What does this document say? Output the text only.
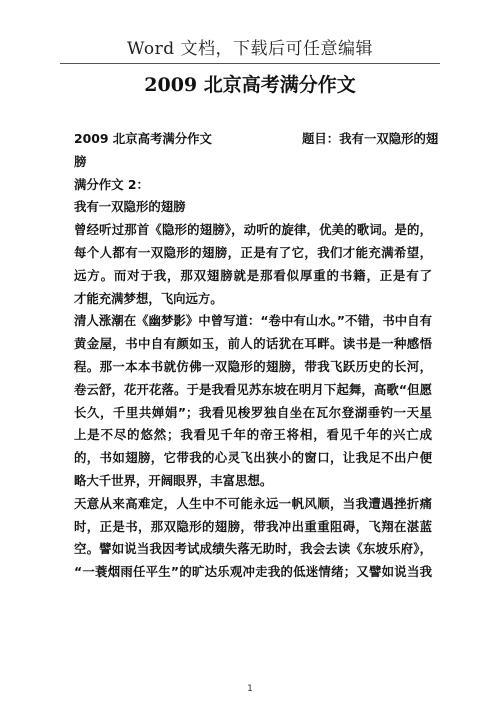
Word 文档，下载后可任意编辑
2009 北京高考满分作文
2009 北京高考满分作文	题目：我有一双隐形的翅
膀
满分作文 2：
我有一双隐形的翅膀
曾经听过那首《隐形的翅膀》，动听的旋律，优美的歌词。是的，
每个人都有一双隐形的翅膀，正是有了它，我们才能充满希望，
远方。而对于我，那双翅膀就是那看似厚重的书籍，正是有了
才能充满梦想，飞向远方。
清人涨潮在《幽梦影》中曾写道：“卷中有山水。”不错，书中自有
黄金屋，书中自有颜如玉，前人的话犹在耳畔。读书是一种感悟
程。那一本本书就仿佛一双隐形的翅膀，带我飞跃历史的长河，
卷云舒，花开花落。于是我看见苏东坡在明月下起舞，高歌“但愿
长久，千里共婵娟”；我看见梭罗独自坐在瓦尔登湖垂钓一天星
上是不尽的悠然；我看见千年的帝王将相，看见千年的兴亡成
的，书如翅膀，它带我的心灵飞出狭小的窗口，让我足不出户便
略大千世界，开阔眼界，丰富思想。
天意从来高难定，人生中不可能永远一帆风顺，当我遭遇挫折痛
时，正是书，那双隐形的翅膀，带我冲出重重阻碍，飞翔在湛蓝
空。譬如说当我因考试成绩失落无助时，我会去读《东坡乐府》，
“一蓑烟雨任平生”的旷达乐观冲走我的低迷情绪；又譬如说当我
1
